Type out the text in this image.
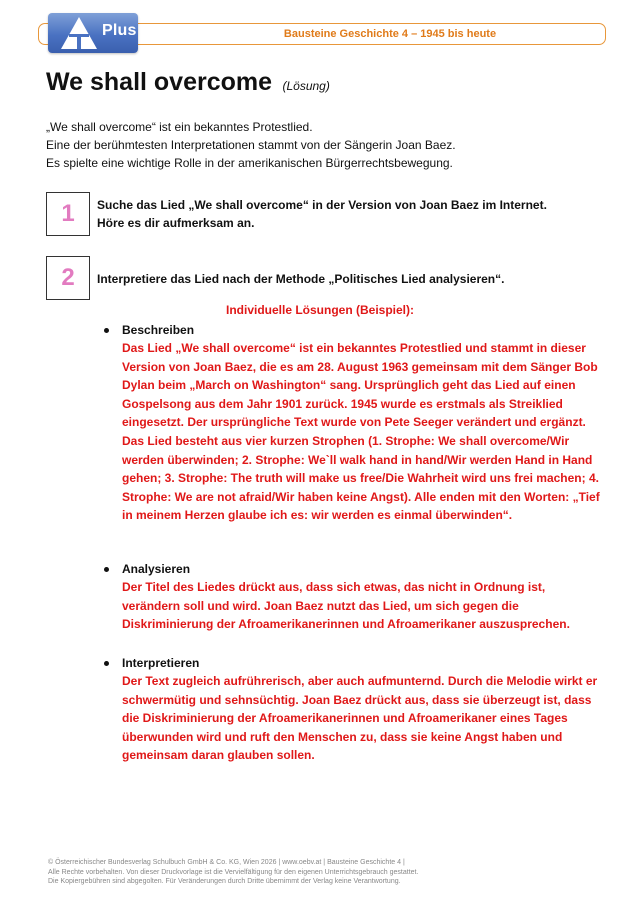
Bausteine Geschichte 4 – 1945 bis heute
Plus
We shall overcome (Lösung)
„We shall overcome“ ist ein bekanntes Protestlied.
Eine der berühmtesten Interpretationen stammt von der Sängerin Joan Baez.
Es spielte eine wichtige Rolle in der amerikanischen Bürgerrechtsbewegung.
1	Suche das Lied „We shall overcome“ in der Version von Joan Baez im Internet.
Höre es dir aufmerksam an.
2	Interpretiere das Lied nach der Methode „Politisches Lied analysieren“.
Individuelle Lösungen (Beispiel):
Beschreiben
Das Lied „We shall overcome“ ist ein bekanntes Protestlied und stammt in dieser Version von Joan Baez, die es am 28. August 1963 gemeinsam mit dem Sänger Bob Dylan beim „March on Washington“ sang. Ursprünglich geht das Lied auf einen Gospelsong aus dem Jahr 1901 zurück. 1945 wurde es erstmals als Streiklied eingesetzt. Der ursprüngliche Text wurde von Pete Seeger verändert und ergänzt. Das Lied besteht aus vier kurzen Strophen (1. Strophe: We shall overcome/Wir werden überwinden; 2. Strophe: We`ll walk hand in hand/Wir werden Hand in Hand gehen; 3. Strophe: The truth will make us free/Die Wahrheit wird uns frei machen; 4. Strophe: We are not afraid/Wir haben keine Angst). Alle enden mit den Worten: „Tief in meinem Herzen glaube ich es: wir werden es einmal überwinden“.
Analysieren
Der Titel des Liedes drückt aus, dass sich etwas, das nicht in Ordnung ist, verändern soll und wird. Joan Baez nutzt das Lied, um sich gegen die Diskriminierung der Afroamerikanerinnen und Afroamerikaner auszusprechen.
Interpretieren
Der Text zugleich aufrührerisch, aber auch aufmunternd. Durch die Melodie wirkt er schwermütig und sehnsüchtig. Joan Baez drückt aus, dass sie überzeugt ist, dass die Diskriminierung der Afroamerikanerinnen und Afroamerikaner eines Tages überwunden wird und ruft den Menschen zu, dass sie keine Angst haben und gemeinsam daran glauben sollen.
© Österreichischer Bundesverlag Schulbuch GmbH & Co. KG, Wien 2026 | www.oebv.at | Bausteine Geschichte 4 |
Alle Rechte vorbehalten. Von dieser Druckvorlage ist die Vervielfältigung für den eigenen Unterrichtsgebrauch gestattet.
Die Kopiergebühren sind abgegolten. Für Veränderungen durch Dritte übernimmt der Verlag keine Verantwortung.
